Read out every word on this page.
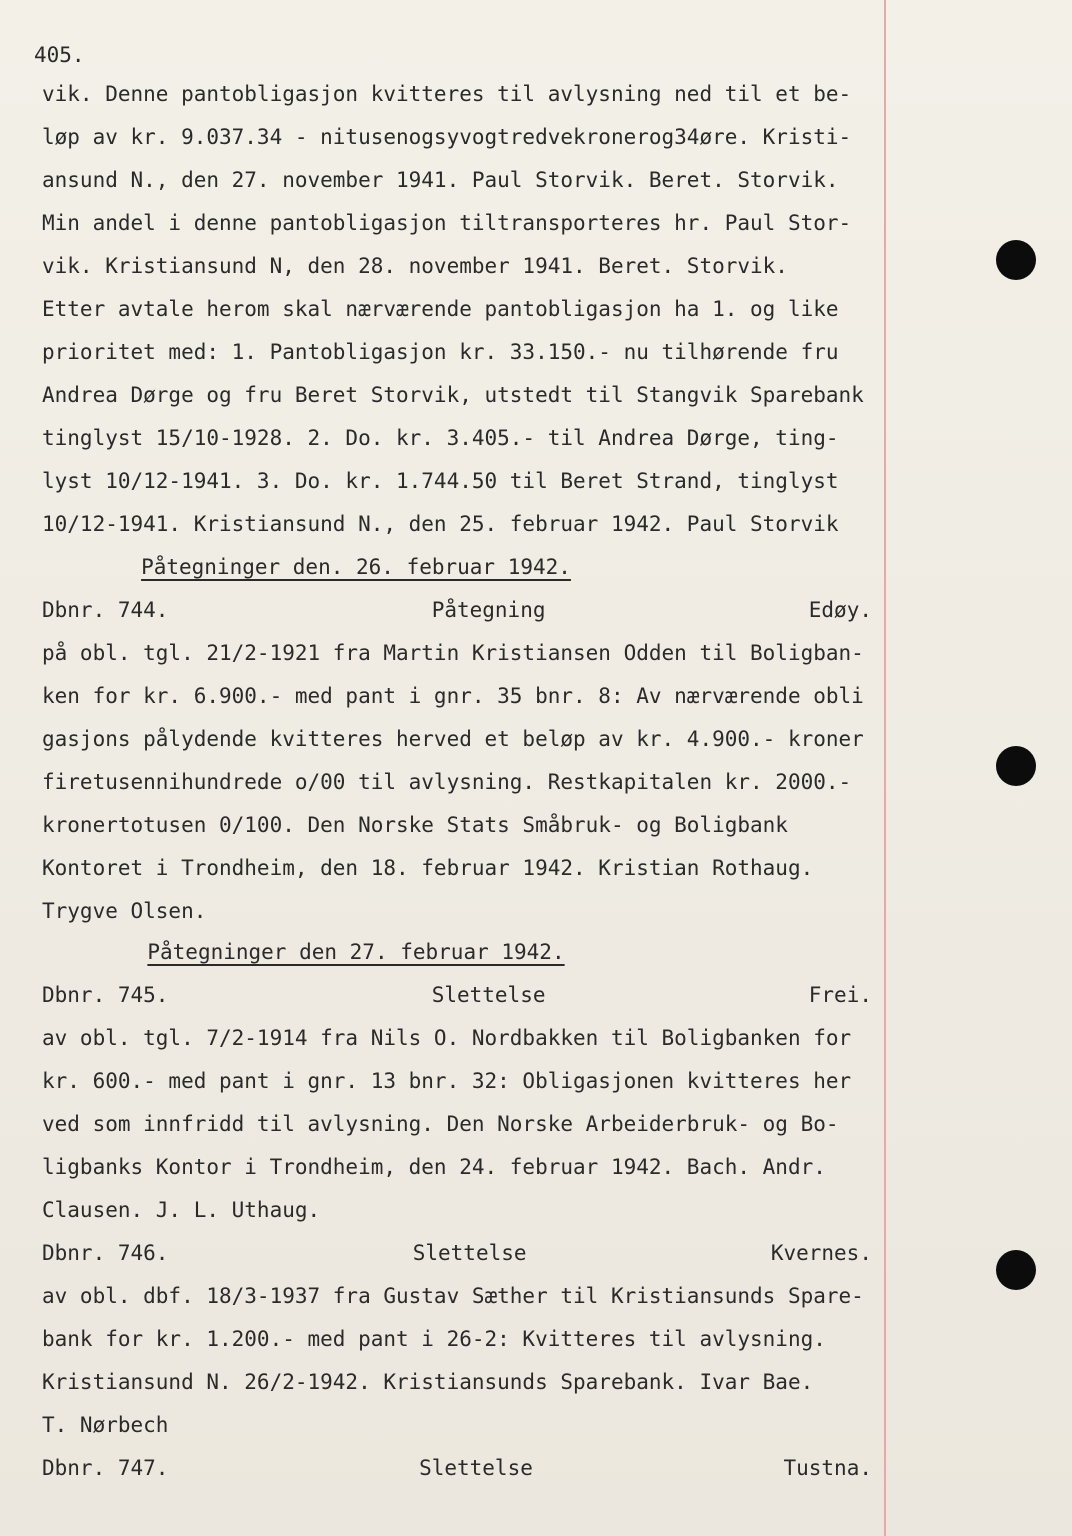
405.
vik. Denne pantobligasjon kvitteres til avlysning ned til et be-
løp av kr. 9.037.34 - nitusenogsyvogtredvekronerog34øre. Kristi-
ansund N., den 27. november 1941. Paul Storvik. Beret. Storvik.
Min andel i denne pantobligasjon tiltransporteres hr. Paul Stor-
vik. Kristiansund N, den 28. november 1941. Beret. Storvik.
Etter avtale herom skal nærværende pantobligasjon ha 1. og like
prioritet med: 1. Pantobligasjon kr. 33.150.- nu tilhørende fru
Andrea Dørge og fru Beret Storvik, utstedt til Stangvik Sparebank
tinglyst 15/10-1928. 2. Do. kr. 3.405.- til Andrea Dørge, ting-
lyst 10/12-1941. 3. Do. kr. 1.744.50 til Beret Strand, tinglyst
10/12-1941. Kristiansund N., den 25. februar 1942. Paul Storvik
Påtegninger den. 26. februar 1942.
Dbnr. 744.	Påtegning	Edøy.
på obl. tgl. 21/2-1921 fra Martin Kristiansen Odden til Boligban-
ken for kr. 6.900.- med pant i gnr. 35 bnr. 8: Av nærværende obli
gasjons pålydende kvitteres herved et beløp av kr. 4.900.- kroner
firetusennihundrede o/00 til avlysning. Restkapitalen kr. 2000.-
kronertotusen 0/100. Den Norske Stats Småbruk- og Boligbank
Kontoret i Trondheim, den 18. februar 1942. Kristian Rothaug.
Trygve Olsen.
Påtegninger den 27. februar 1942.
Dbnr. 745.	Slettelse	Frei.
av obl. tgl. 7/2-1914 fra Nils O. Nordbakken til Boligbanken for
kr. 600.- med pant i gnr. 13 bnr. 32: Obligasjonen kvitteres her
ved som innfridd til avlysning. Den Norske Arbeiderbruk- og Bo-
ligbanks Kontor i Trondheim, den 24. februar 1942. Bach. Andr.
Clausen. J. L. Uthaug.
Dbnr. 746.	Slettelse	Kvernes.
av obl. dbf. 18/3-1937 fra Gustav Sæther til Kristiansunds Spare-
bank for kr. 1.200.- med pant i 26-2: Kvitteres til avlysning.
Kristiansund N. 26/2-1942. Kristiansunds Sparebank. Ivar Bae.
T. Nørbech
Dbnr. 747.	Slettelse	Tustna.
